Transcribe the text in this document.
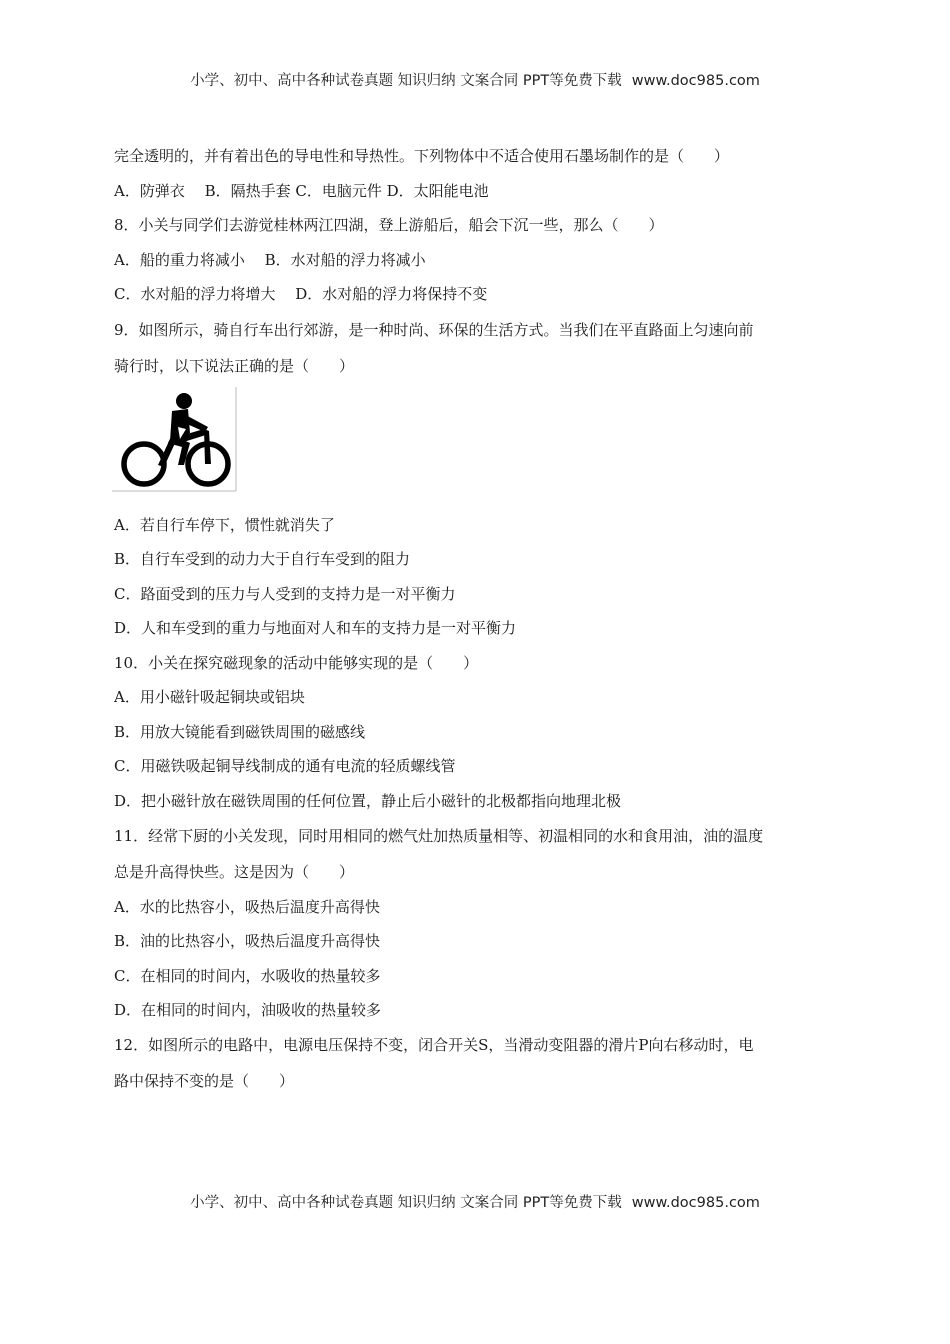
小学、初中、高中各种试卷真题 知识归纳 文案合同 PPT等免费下载 www.doc985.com
完全透明的，并有着出色的导电性和导热性。下列物体中不适合使用石墨场制作的是（　　）
A．防弹衣　 B．隔热手套 C．电脑元件 D．太阳能电池
8．小关与同学们去游觉桂林两江四湖，登上游船后，船会下沉一些，那么（　　）
A．船的重力将减小　 B．水对船的浮力将减小
C．水对船的浮力将增大　 D．水对船的浮力将保持不变
9．如图所示，骑自行车出行郊游，是一种时尚、环保的生活方式。当我们在平直路面上匀速向前
骑行时，以下说法正确的是（　　）
A．若自行车停下，惯性就消失了
B．自行车受到的动力大于自行车受到的阻力
C．路面受到的压力与人受到的支持力是一对平衡力
D．人和车受到的重力与地面对人和车的支持力是一对平衡力
10．小关在探究磁现象的活动中能够实现的是（　　）
A．用小磁针吸起铜块或铝块
B．用放大镜能看到磁铁周围的磁感线
C．用磁铁吸起铜导线制成的通有电流的轻质螺线管
D．把小磁针放在磁铁周围的任何位置，静止后小磁针的北极都指向地理北极
11．经常下厨的小关发现，同时用相同的燃气灶加热质量相等、初温相同的水和食用油，油的温度
总是升高得快些。这是因为（　　）
A．水的比热容小，吸热后温度升高得快
B．油的比热容小，吸热后温度升高得快
C．在相同的时间内，水吸收的热量较多
D．在相同的时间内，油吸收的热量较多
12．如图所示的电路中，电源电压保持不变，闭合开关S，当滑动变阻器的滑片P向右移动时，电
路中保持不变的是（　　）
小学、初中、高中各种试卷真题 知识归纳 文案合同 PPT等免费下载 www.doc985.com
